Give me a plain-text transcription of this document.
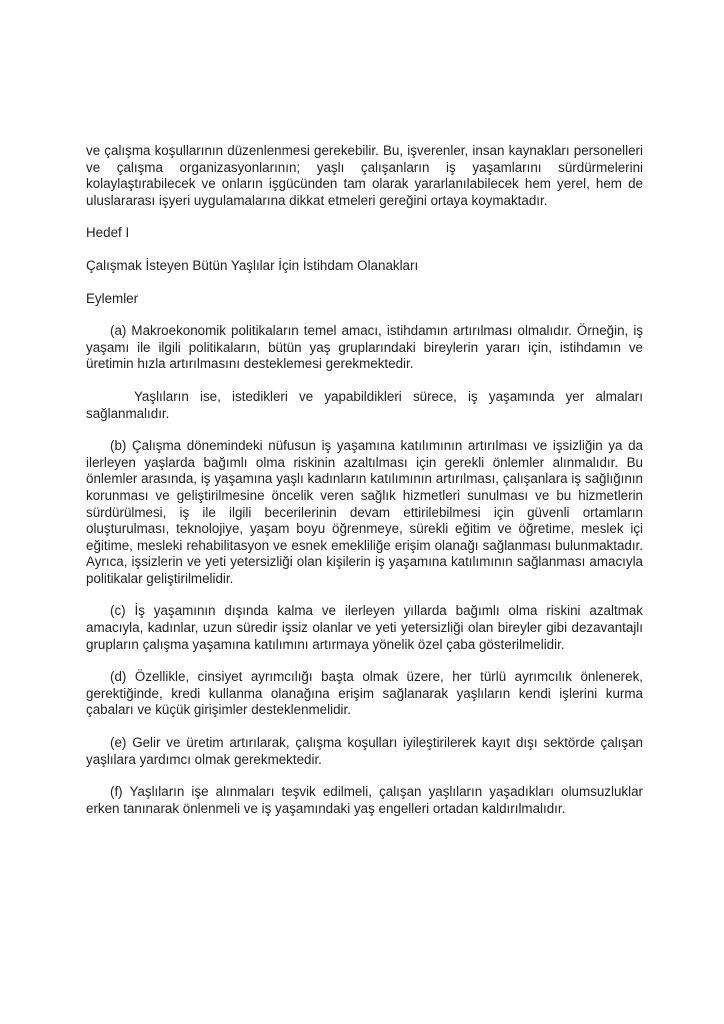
ve çalışma koşullarının düzenlenmesi gerekebilir. Bu, işverenler, insan kaynakları personelleri ve çalışma organizasyonlarının; yaşlı çalışanların iş yaşamlarını sürdürmelerini kolaylaştırabilecek ve onların işgücünden tam olarak yararlanılabilecek hem yerel, hem de uluslararası işyeri uygulamalarına dikkat etmeleri gereğini ortaya koymaktadır.

Hedef I

Çalışmak İsteyen Bütün Yaşlılar İçin İstihdam Olanakları

Eylemler

(a) Makroekonomik politikaların temel amacı, istihdamın artırılması olmalıdır. Örneğin, iş yaşamı ile ilgili politikaların, bütün yaş gruplarındaki bireylerin yararı için, istihdamın ve üretimin hızla artırılmasını desteklemesi gerekmektedir.

Yaşlıların ise, istedikleri ve yapabildikleri sürece, iş yaşamında yer almaları sağlanmalıdır.

(b) Çalışma dönemindeki nüfusun iş yaşamına katılımının artırılması ve işsizliğin ya da ilerleyen yaşlarda bağımlı olma riskinin azaltılması için gerekli önlemler alınmalıdır. Bu önlemler arasında, iş yaşamına yaşlı kadınların katılımının artırılması, çalışanlara iş sağlığının korunması ve geliştirilmesine öncelik veren sağlık hizmetleri sunulması ve bu hizmetlerin sürdürülmesi, iş ile ilgili becerilerinin devam ettirilebilmesi için güvenli ortamların oluşturulması, teknolojiye, yaşam boyu öğrenmeye, sürekli eğitim ve öğretime, meslek içi eğitime, mesleki rehabilitasyon ve esnek emekliliğe erişim olanağı sağlanması bulunmaktadır. Ayrıca, işsizlerin ve yeti yetersizliği olan kişilerin iş yaşamına katılımının sağlanması amacıyla politikalar geliştirilmelidir.

(c) İş yaşamının dışında kalma ve ilerleyen yıllarda bağımlı olma riskini azaltmak amacıyla, kadınlar, uzun süredir işsiz olanlar ve yeti yetersizliği olan bireyler gibi dezavantajlı grupların çalışma yaşamına katılımını artırmaya yönelik özel çaba gösterilmelidir.

(d) Özellikle, cinsiyet ayrımcılığı başta olmak üzere, her türlü ayrımcılık önlenerek, gerektiğinde, kredi kullanma olanağına erişim sağlanarak yaşlıların kendi işlerini kurma çabaları ve küçük girişimler desteklenmelidir.

(e) Gelir ve üretim artırılarak, çalışma koşulları iyileştirilerek kayıt dışı sektörde çalışan yaşlılara yardımcı olmak gerekmektedir.

(f) Yaşlıların işe alınmaları teşvik edilmeli, çalışan yaşlıların yaşadıkları olumsuzluklar erken tanınarak önlenmeli ve iş yaşamındaki yaş engelleri ortadan kaldırılmalıdır.
